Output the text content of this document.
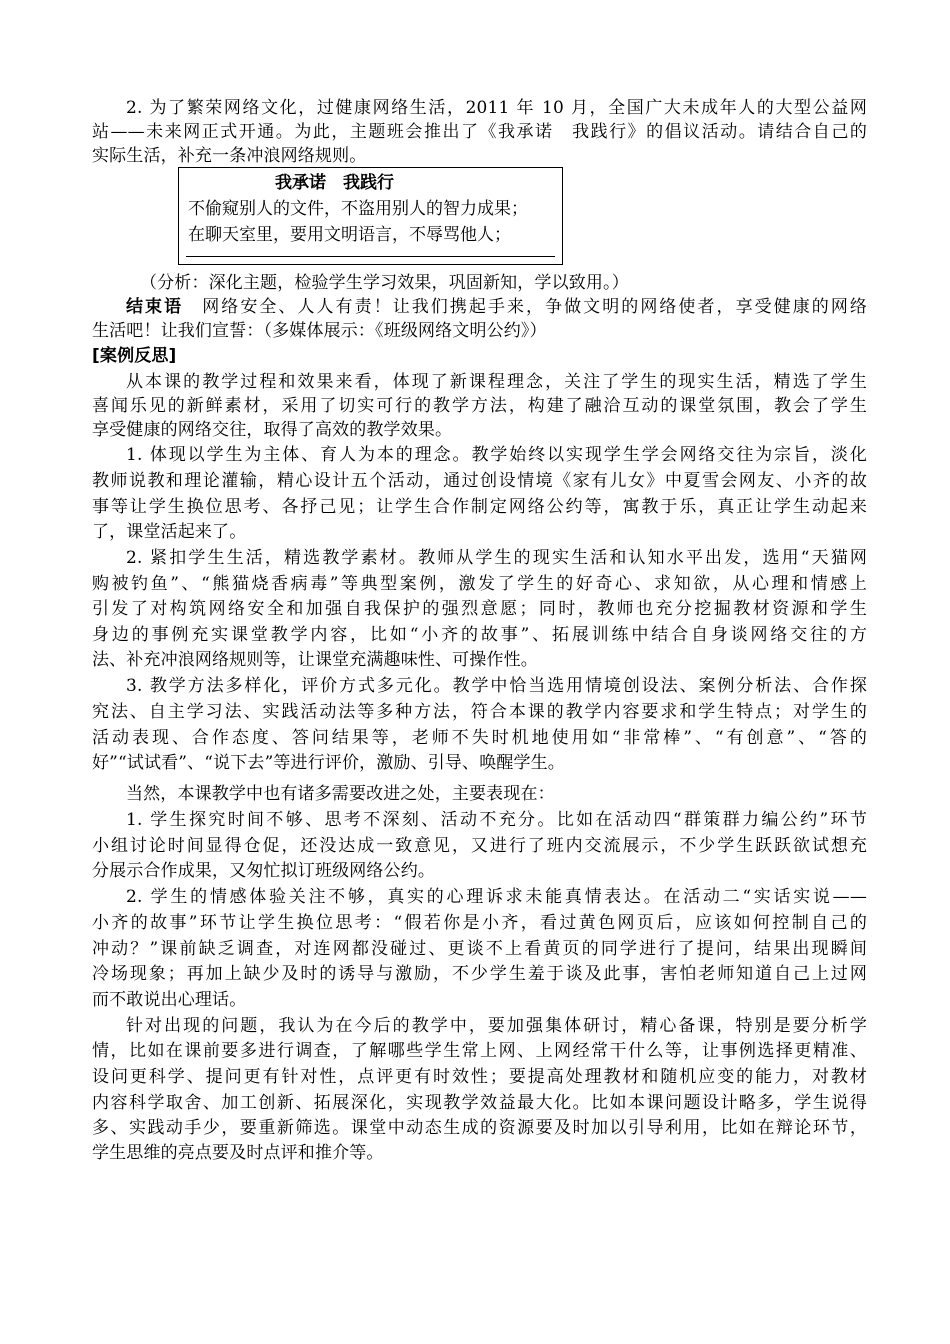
2. 为了繁荣网络文化，过健康网络生活，2011 年 10 月，全国广大未成年人的大型公益网
站——未来网正式开通。为此，主题班会推出了《我承诺　我践行》的倡议活动。请结合自己的
实际生活，补充一条冲浪网络规则。
我承诺　我践行
不偷窥别人的文件，不盗用别人的智力成果；
在聊天室里，要用文明语言，不辱骂他人；
（分析：深化主题，检验学生学习效果，巩固新知，学以致用。）
结束语　 网络安全、人人有责！让我们携起手来，争做文明的网络使者，享受健康的网络
生活吧！让我们宣誓：（多媒体展示：《班级网络文明公约》）
[案例反思]
从本课的教学过程和效果来看，体现了新课程理念，关注了学生的现实生活，精选了学生
喜闻乐见的新鲜素材，采用了切实可行的教学方法，构建了融洽互动的课堂氛围，教会了学生
享受健康的网络交往，取得了高效的教学效果。
1. 体现以学生为主体、育人为本的理念。教学始终以实现学生学会网络交往为宗旨，淡化
教师说教和理论灌输，精心设计五个活动，通过创设情境《家有儿女》中夏雪会网友、小齐的故
事等让学生换位思考、各抒己见；让学生合作制定网络公约等，寓教于乐，真正让学生动起来
了，课堂活起来了。
2. 紧扣学生生活，精选教学素材。教师从学生的现实生活和认知水平出发，选用“天猫网
购被钓鱼”、“熊猫烧香病毒”等典型案例，激发了学生的好奇心、求知欲，从心理和情感上
引发了对构筑网络安全和加强自我保护的强烈意愿；同时，教师也充分挖掘教材资源和学生
身边的事例充实课堂教学内容，比如“小齐的故事”、拓展训练中结合自身谈网络交往的方
法、补充冲浪网络规则等，让课堂充满趣味性、可操作性。
3. 教学方法多样化，评价方式多元化。教学中恰当选用情境创设法、案例分析法、合作探
究法、自主学习法、实践活动法等多种方法，符合本课的教学内容要求和学生特点；对学生的
活动表现、合作态度、答问结果等，老师不失时机地使用如“非常棒”、“有创意”、“答的
好”“试试看”、“说下去”等进行评价，激励、引导、唤醒学生。
当然，本课教学中也有诸多需要改进之处，主要表现在：
1. 学生探究时间不够、思考不深刻、活动不充分。比如在活动四“群策群力编公约”环节
小组讨论时间显得仓促，还没达成一致意见，又进行了班内交流展示，不少学生跃跃欲试想充
分展示合作成果，又匆忙拟订班级网络公约。
2. 学生的情感体验关注不够，真实的心理诉求未能真情表达。在活动二“实话实说——
小齐的故事”环节让学生换位思考：“假若你是小齐，看过黄色网页后，应该如何控制自己的
冲动？”课前缺乏调查，对连网都没碰过、更谈不上看黄页的同学进行了提问，结果出现瞬间
冷场现象；再加上缺少及时的诱导与激励，不少学生羞于谈及此事，害怕老师知道自己上过网
而不敢说出心理话。
针对出现的问题，我认为在今后的教学中，要加强集体研讨，精心备课，特别是要分析学
情，比如在课前要多进行调查，了解哪些学生常上网、上网经常干什么等，让事例选择更精准、
设问更科学、提问更有针对性，点评更有时效性；要提高处理教材和随机应变的能力，对教材
内容科学取舍、加工创新、拓展深化，实现教学效益最大化。比如本课问题设计略多，学生说得
多、实践动手少，要重新筛选。课堂中动态生成的资源要及时加以引导利用，比如在辩论环节，
学生思维的亮点要及时点评和推介等。
